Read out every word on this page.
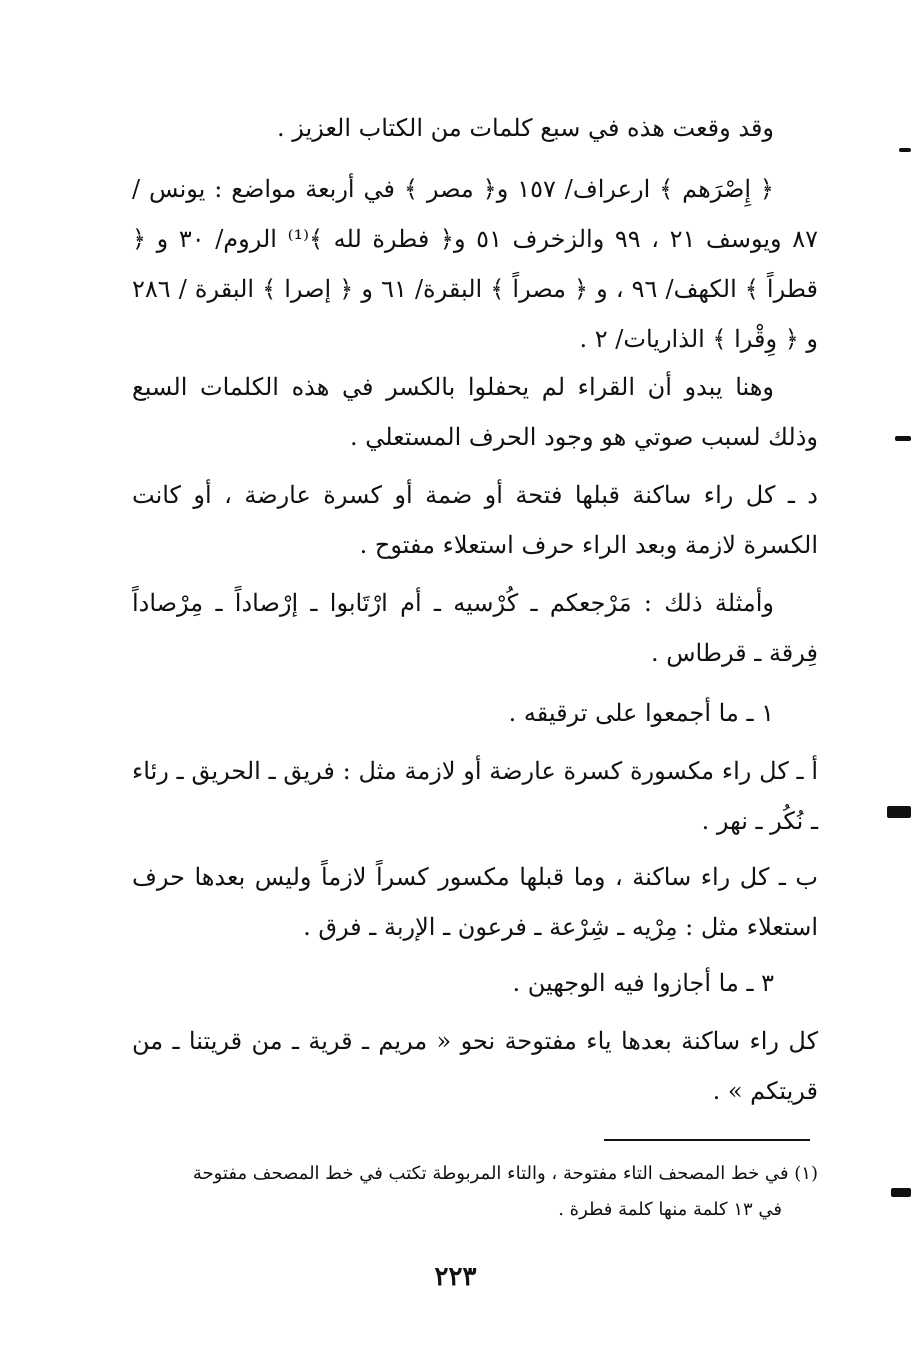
وقد وقعت هذه في سبع كلمات من الكتاب العزيز .

﴿ إِصْرَهم ﴾ ارعراف/ ١٥٧ و﴿ مصر ﴾ في أربعة مواضع : يونس / ٨٧ ويوسف ٢١ ، ٩٩ والزخرف ٥١ و﴿ فطرة لله ﴾⁽¹⁾ الروم/ ٣٠ و ﴿ قطراً ﴾ الكهف/ ٩٦ ، و ﴿ مصراً ﴾ البقرة/ ٦١ و ﴿ إصرا ﴾ البقرة / ٢٨٦ و ﴿ وِقْرا ﴾ الذاريات/ ٢ .

وهنا يبدو أن القراء لم يحفلوا بالكسر في هذه الكلمات السبع وذلك لسبب صوتي هو وجود الحرف المستعلي .

د ـ كل راء ساكنة قبلها فتحة أو ضمة أو كسرة عارضة ، أو كانت الكسرة لازمة وبعد الراء حرف استعلاء مفتوح .

وأمثلة ذلك : مَرْجعكم ـ كُرْسيه ـ أم ارْتَابوا ـ إرْصاداً ـ مِرْصاداً فِرقة ـ قرطاس .

١ ـ ما أجمعوا على ترقيقه .

أ ـ كل راء مكسورة كسرة عارضة أو لازمة مثل : فريق ـ الحريق ـ رئاء ـ نُكُر ـ نهر .

ب ـ كل راء ساكنة ، وما قبلها مكسور كسراً لازماً وليس بعدها حرف استعلاء مثل : مِرْيه ـ شِرْعة ـ فرعون ـ الإربة ـ فرق .

٣ ـ ما أجازوا فيه الوجهين .

كل راء ساكنة بعدها ياء مفتوحة نحو « مريم ـ قرية ـ من قريتنا ـ من قريتكم » .

(١) في خط المصحف التاء مفتوحة ، والتاء المربوطة تكتب في خط المصحف مفتوحة
في ١٣ كلمة منها كلمة فطرة .
٢٢٣
